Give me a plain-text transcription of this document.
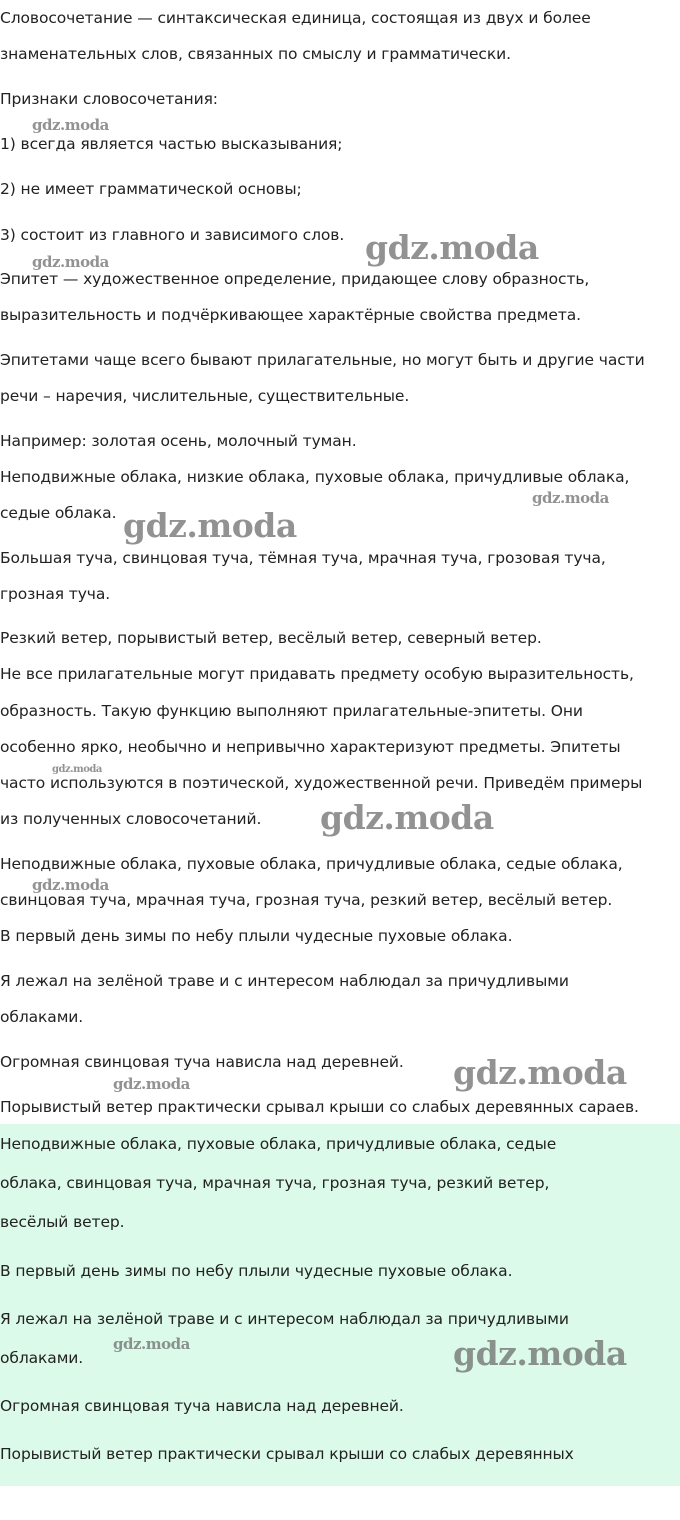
Словосочетание — синтаксическая единица, состоящая из двух и более

знаменательных слов, связанных по смыслу и грамматически.

Признаки словосочетания:

1) всегда является частью высказывания;

2) не имеет грамматической основы;

3) состоит из главного и зависимого слов.

Эпитет — художественное определение, придающее слову образность,

выразительность и подчёркивающее характёрные свойства предмета.

Эпитетами чаще всего бывают прилагательные, но могут быть и другие части

речи – наречия, числительные, существительные.

Например: золотая осень, молочный туман.

Неподвижные облака, низкие облака, пуховые облака, причудливые облака,

седые облака.

Большая туча, свинцовая туча, тёмная туча, мрачная туча, грозовая туча,

грозная туча.

Резкий ветер, порывистый ветер, весёлый ветер, северный ветер.

Не все прилагательные могут придавать предмету особую выразительность,

образность. Такую функцию выполняют прилагательные-эпитеты. Они

особенно ярко, необычно и непривычно характеризуют предметы. Эпитеты

часто используются в поэтической, художественной речи. Приведём примеры

из полученных словосочетаний.

Неподвижные облака, пуховые облака, причудливые облака, седые облака,

свинцовая туча, мрачная туча, грозная туча, резкий ветер, весёлый ветер.

В первый день зимы по небу плыли чудесные пуховые облака.

Я лежал на зелёной траве и с интересом наблюдал за причудливыми

облаками.

Огромная свинцовая туча нависла над деревней.

Порывистый ветер практически срывал крыши со слабых деревянных сараев.

Неподвижные облака, пуховые облака, причудливые облака, седые

облака, свинцовая туча, мрачная туча, грозная туча, резкий ветер,

весёлый ветер.

В первый день зимы по небу плыли чудесные пуховые облака.

Я лежал на зелёной траве и с интересом наблюдал за причудливыми

облаками.

Огромная свинцовая туча нависла над деревней.

Порывистый ветер практически срывал крыши со слабых деревянных

gdz.moda

gdz.moda

gdz.moda

gdz.moda

gdz.moda

gdz.moda

gdz.moda

gdz.moda

gdz.moda

gdz.moda

gdz.moda	gdz.moda
